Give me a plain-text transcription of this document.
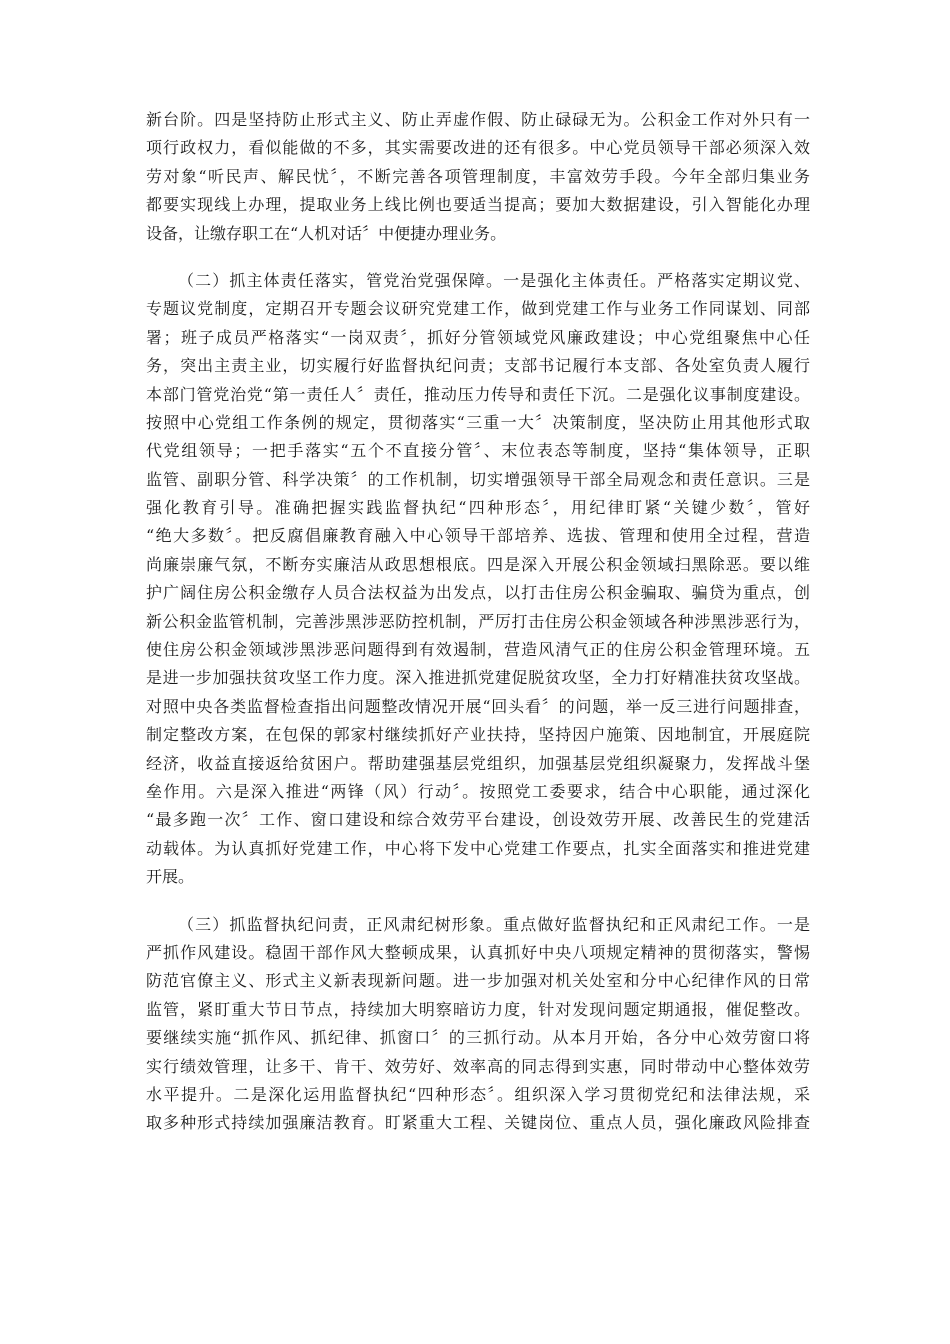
新台阶。四是坚持防止形式主义、防止弄虚作假、防止碌碌无为。公积金工作对外只有一
项行政权力，看似能做的不多，其实需要改进的还有很多。中心党员领导干部必须深入效
劳对象“听民声、解民忧〞，不断完善各项管理制度，丰富效劳手段。今年全部归集业务
都要实现线上办理，提取业务上线比例也要适当提高；要加大数据建设，引入智能化办理
设备，让缴存职工在“人机对话〞中便捷办理业务。
（二）抓主体责任落实，管党治党强保障。一是强化主体责任。严格落实定期议党、
专题议党制度，定期召开专题会议研究党建工作，做到党建工作与业务工作同谋划、同部
署；班子成员严格落实“一岗双责〞，抓好分管领域党风廉政建设；中心党组聚焦中心任
务，突出主责主业，切实履行好监督执纪问责；支部书记履行本支部、各处室负责人履行
本部门管党治党“第一责任人〞责任，推动压力传导和责任下沉。二是强化议事制度建设。
按照中心党组工作条例的规定，贯彻落实“三重一大〞决策制度，坚决防止用其他形式取
代党组领导；一把手落实“五个不直接分管〞、末位表态等制度，坚持“集体领导，正职
监管、副职分管、科学决策〞的工作机制，切实增强领导干部全局观念和责任意识。三是
强化教育引导。准确把握实践监督执纪“四种形态〞，用纪律盯紧“关键少数〞，管好
“绝大多数〞。把反腐倡廉教育融入中心领导干部培养、选拔、管理和使用全过程，营造
尚廉崇廉气氛，不断夯实廉洁从政思想根底。四是深入开展公积金领域扫黑除恶。要以维
护广阔住房公积金缴存人员合法权益为出发点，以打击住房公积金骗取、骗贷为重点，创
新公积金监管机制，完善涉黑涉恶防控机制，严厉打击住房公积金领域各种涉黑涉恶行为，
使住房公积金领域涉黑涉恶问题得到有效遏制，营造风清气正的住房公积金管理环境。五
是进一步加强扶贫攻坚工作力度。深入推进抓党建促脱贫攻坚，全力打好精准扶贫攻坚战。
对照中央各类监督检查指出问题整改情况开展“回头看〞的问题，举一反三进行问题排查，
制定整改方案，在包保的郭家村继续抓好产业扶持，坚持因户施策、因地制宜，开展庭院
经济，收益直接返给贫困户。帮助建强基层党组织，加强基层党组织凝聚力，发挥战斗堡
垒作用。六是深入推进“两锋（风）行动〞。按照党工委要求，结合中心职能，通过深化
“最多跑一次〞工作、窗口建设和综合效劳平台建设，创设效劳开展、改善民生的党建活
动载体。为认真抓好党建工作，中心将下发中心党建工作要点，扎实全面落实和推进党建
开展。
（三）抓监督执纪问责，正风肃纪树形象。重点做好监督执纪和正风肃纪工作。一是
严抓作风建设。稳固干部作风大整顿成果，认真抓好中央八项规定精神的贯彻落实，警惕
防范官僚主义、形式主义新表现新问题。进一步加强对机关处室和分中心纪律作风的日常
监管，紧盯重大节日节点，持续加大明察暗访力度，针对发现问题定期通报，催促整改。
要继续实施“抓作风、抓纪律、抓窗口〞的三抓行动。从本月开始，各分中心效劳窗口将
实行绩效管理，让多干、肯干、效劳好、效率高的同志得到实惠，同时带动中心整体效劳
水平提升。二是深化运用监督执纪“四种形态〞。组织深入学习贯彻党纪和法律法规，采
取多种形式持续加强廉洁教育。盯紧重大工程、关键岗位、重点人员，强化廉政风险排查
